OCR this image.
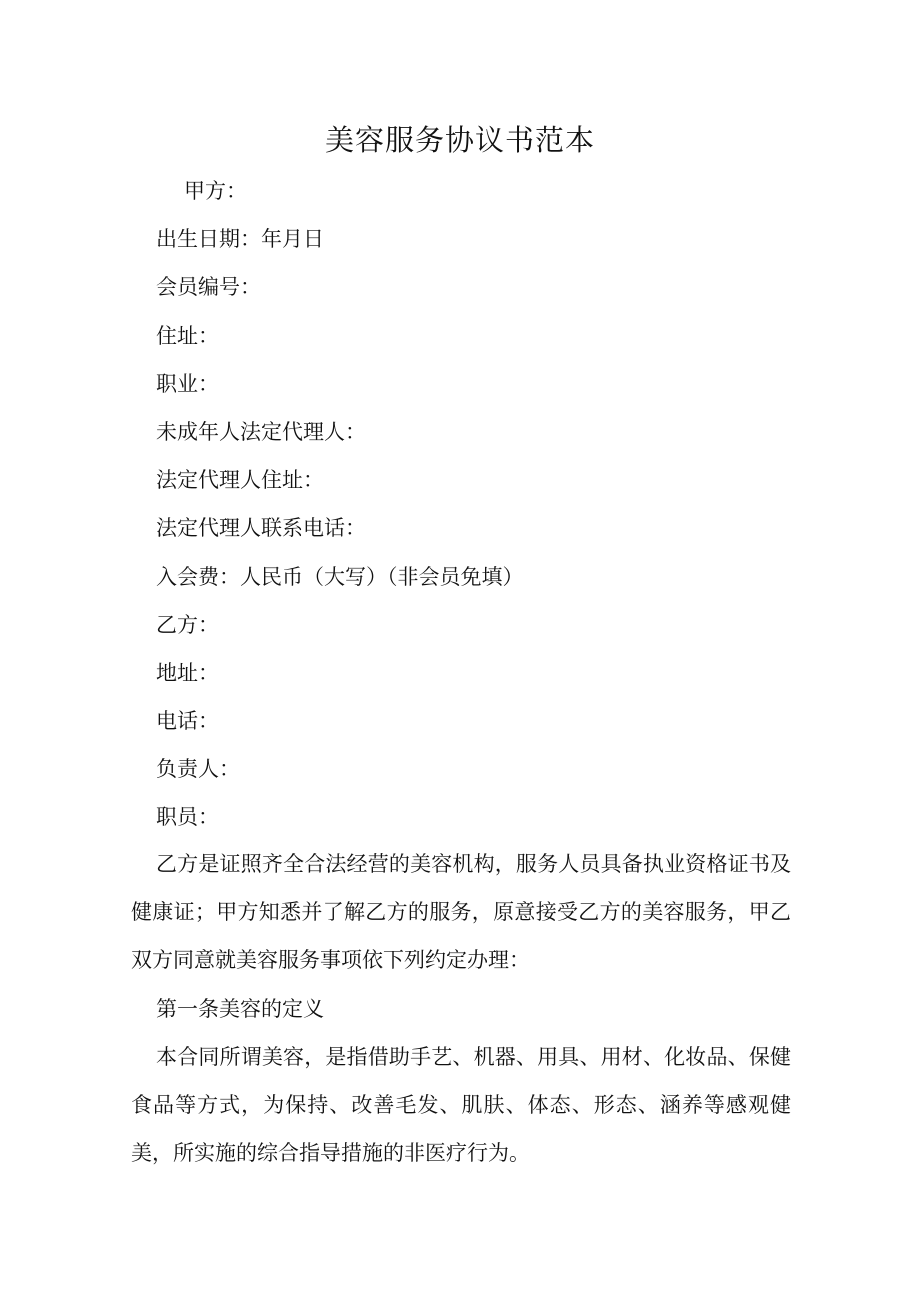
美容服务协议书范本
甲方：
出生日期：年月日
会员编号：
住址：
职业：
未成年人法定代理人：
法定代理人住址：
法定代理人联系电话：
入会费：人民币（大写）（非会员免填）
乙方：
地址：
电话：
负责人：
职员：

乙方是证照齐全合法经营的美容机构，服务人员具备执业资格证书及健康证；甲方知悉并了解乙方的服务，原意接受乙方的美容服务，甲乙双方同意就美容服务事项依下列约定办理：

第一条美容的定义

本合同所谓美容，是指借助手艺、机器、用具、用材、化妆品、保健食品等方式，为保持、改善毛发、肌肤、体态、形态、涵养等感观健美，所实施的综合指导措施的非医疗行为。
